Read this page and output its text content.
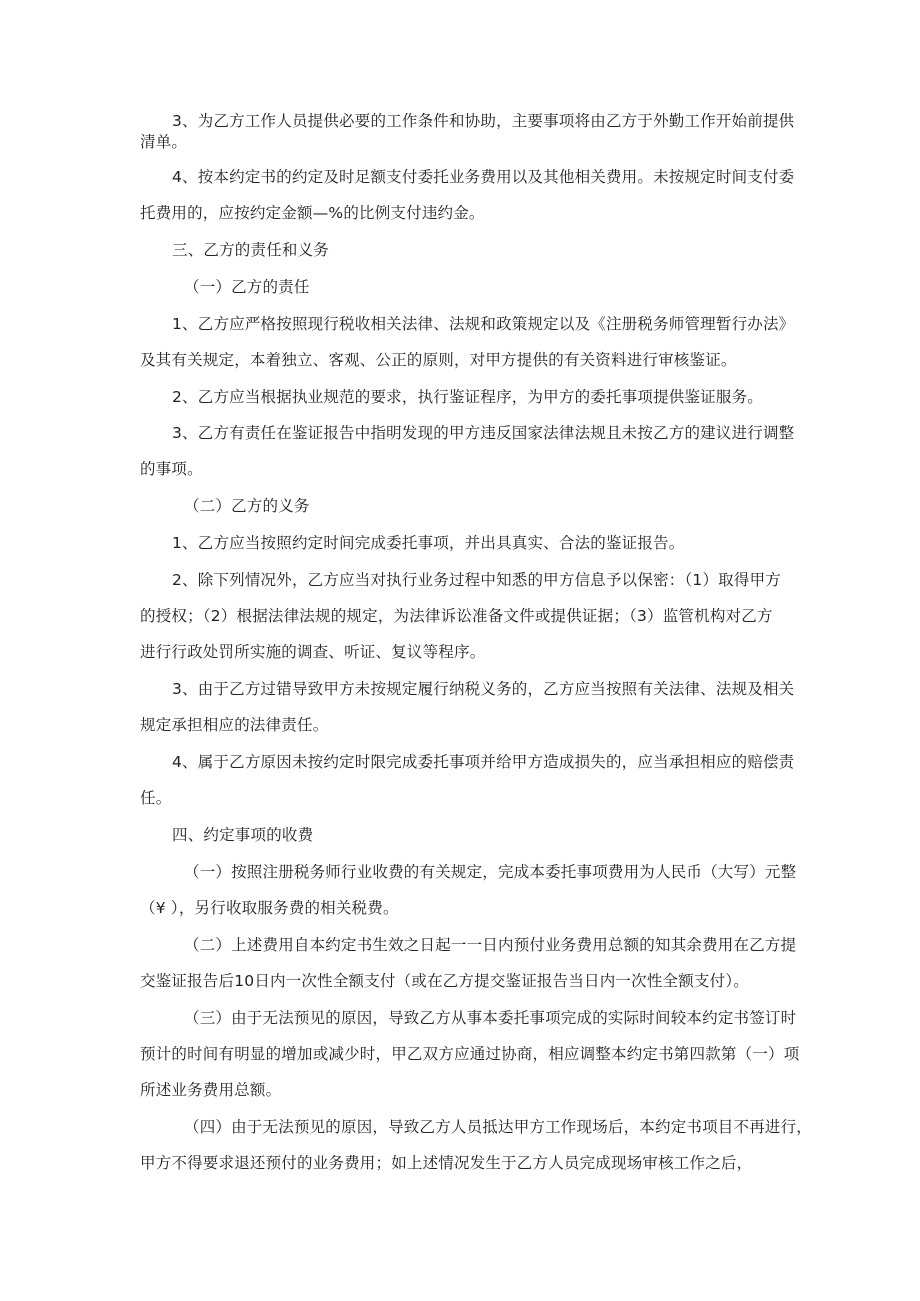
3、为乙方工作人员提供必要的工作条件和协助，主要事项将由乙方于外勤工作开始前提供
清单。
4、按本约定书的约定及时足额支付委托业务费用以及其他相关费用。未按规定时间支付委
托费用的，应按约定金额—%的比例支付违约金。
三、乙方的责任和义务
（一）乙方的责任
1、乙方应严格按照现行税收相关法律、法规和政策规定以及《注册税务师管理暂行办法》
及其有关规定，本着独立、客观、公正的原则，对甲方提供的有关资料进行审核鉴证。
2、乙方应当根据执业规范的要求，执行鉴证程序，为甲方的委托事项提供鉴证服务。
3、乙方有责任在鉴证报告中指明发现的甲方违反国家法律法规且未按乙方的建议进行调整
的事项。
（二）乙方的义务
1、乙方应当按照约定时间完成委托事项，并出具真实、合法的鉴证报告。
2、除下列情况外，乙方应当对执行业务过程中知悉的甲方信息予以保密：（1）取得甲方
的授权；（2）根据法律法规的规定，为法律诉讼准备文件或提供证据；（3）监管机构对乙方
进行行政处罚所实施的调查、听证、复议等程序。
3、由于乙方过错导致甲方未按规定履行纳税义务的，乙方应当按照有关法律、法规及相关
规定承担相应的法律责任。
4、属于乙方原因未按约定时限完成委托事项并给甲方造成损失的，应当承担相应的赔偿责
任。
四、约定事项的收费
（一）按照注册税务师行业收费的有关规定，完成本委托事项费用为人民币（大写）元整
（¥ ），另行收取服务费的相关税费。
（二）上述费用自本约定书生效之日起一一日内预付业务费用总额的知其余费用在乙方提
交鉴证报告后10日内一次性全额支付（或在乙方提交鉴证报告当日内一次性全额支付）。
（三）由于无法预见的原因，导致乙方从事本委托事项完成的实际时间较本约定书签订时
预计的时间有明显的增加或减少时，甲乙双方应通过协商，相应调整本约定书第四款第（一）项
所述业务费用总额。
（四）由于无法预见的原因，导致乙方人员抵达甲方工作现场后，本约定书项目不再进行，
甲方不得要求退还预付的业务费用；如上述情况发生于乙方人员完成现场审核工作之后，
